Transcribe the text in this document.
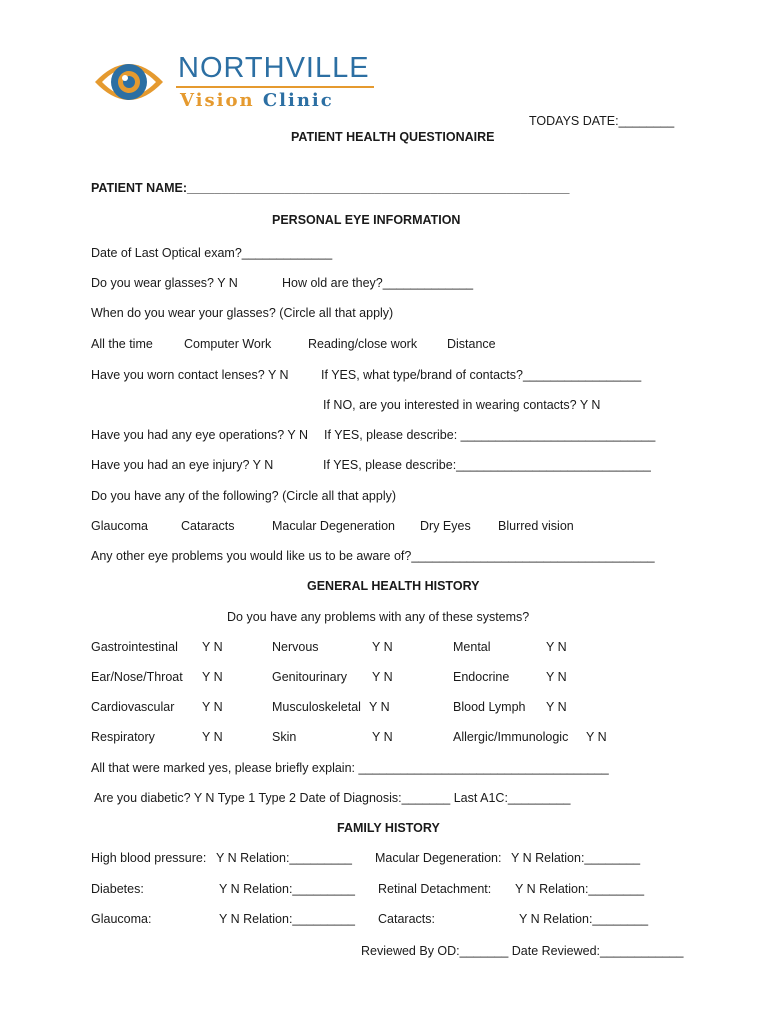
NORTHVILLE
Vision Clinic
TODAYS DATE:________
PATIENT HEALTH QUESTIONAIRE
PATIENT NAME:_______________________________________________________
PERSONAL EYE INFORMATION
Date of Last Optical exam?_____________
Do you wear glasses? Y N	How old are they?_____________
When do you wear your glasses? (Circle all that apply)
All the time Computer Work	Reading/close work Distance
Have you worn contact lenses? Y N	If YES, what type/brand of contacts?_________________
If NO, are you interested in wearing contacts? Y N
Have you had any eye operations? Y N If YES, please describe: ____________________________
Have you had an eye injury? Y N	If YES, please describe:____________________________
Do you have any of the following? (Circle all that apply)
Glaucoma	Cataracts	Macular Degeneration Dry Eyes Blurred vision
Any other eye problems you would like us to be aware of?___________________________________
GENERAL HEALTH HISTORY
Do you have any problems with any of these systems?
Gastrointestinal Y N	Nervous	Y N	Mental	Y N
Ear/Nose/Throat Y N	Genitourinary Y N	Endocrine	Y N
Cardiovascular Y N	Musculoskeletal Y N	Blood Lymph Y N
Respiratory	Y N	Skin	Y N	Allergic/Immunologic Y N
All that were marked yes, please briefly explain: ____________________________________
Are you diabetic? Y N Type 1 Type 2 Date of Diagnosis:_______ Last A1C:_________
FAMILY HISTORY
High blood pressure: Y N Relation:_________ Macular Degeneration: Y N Relation:________
Diabetes:	Y N Relation:_________ Retinal Detachment: Y N Relation:________
Glaucoma:	Y N Relation:_________ Cataracts:	Y N Relation:________
Reviewed By OD:_______ Date Reviewed:____________
